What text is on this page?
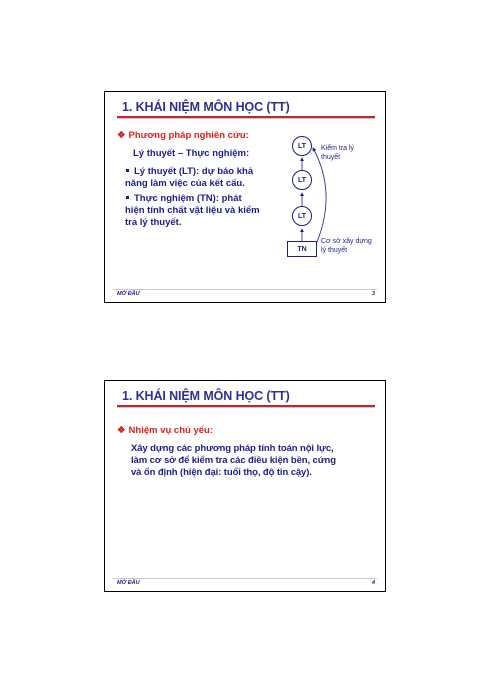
1. KHÁI NIỆM MÔN HỌC (TT)
❖ Phương pháp nghiên cứu:
Lý thuyết – Thực nghiệm:
Lý thuyết (LT): dự báo khả
năng làm việc của kết cấu.
Thực nghiệm (TN): phát
hiện tính chất vật liệu và kiểm
tra lý thuyết.
LT
LT
LT
TN
Kiểm tra lý
thuyết
Cơ sở xây dựng
lý thuyết
MỞ ĐẦU	3
1. KHÁI NIỆM MÔN HỌC (TT)
❖ Nhiệm vụ chủ yếu:
Xây dựng các phương pháp tính toán nội lực,
làm cơ sở để kiểm tra các điều kiện bền, cứng
và ổn định (hiện đại: tuổi thọ, độ tin cậy).
MỞ ĐẦU	4
